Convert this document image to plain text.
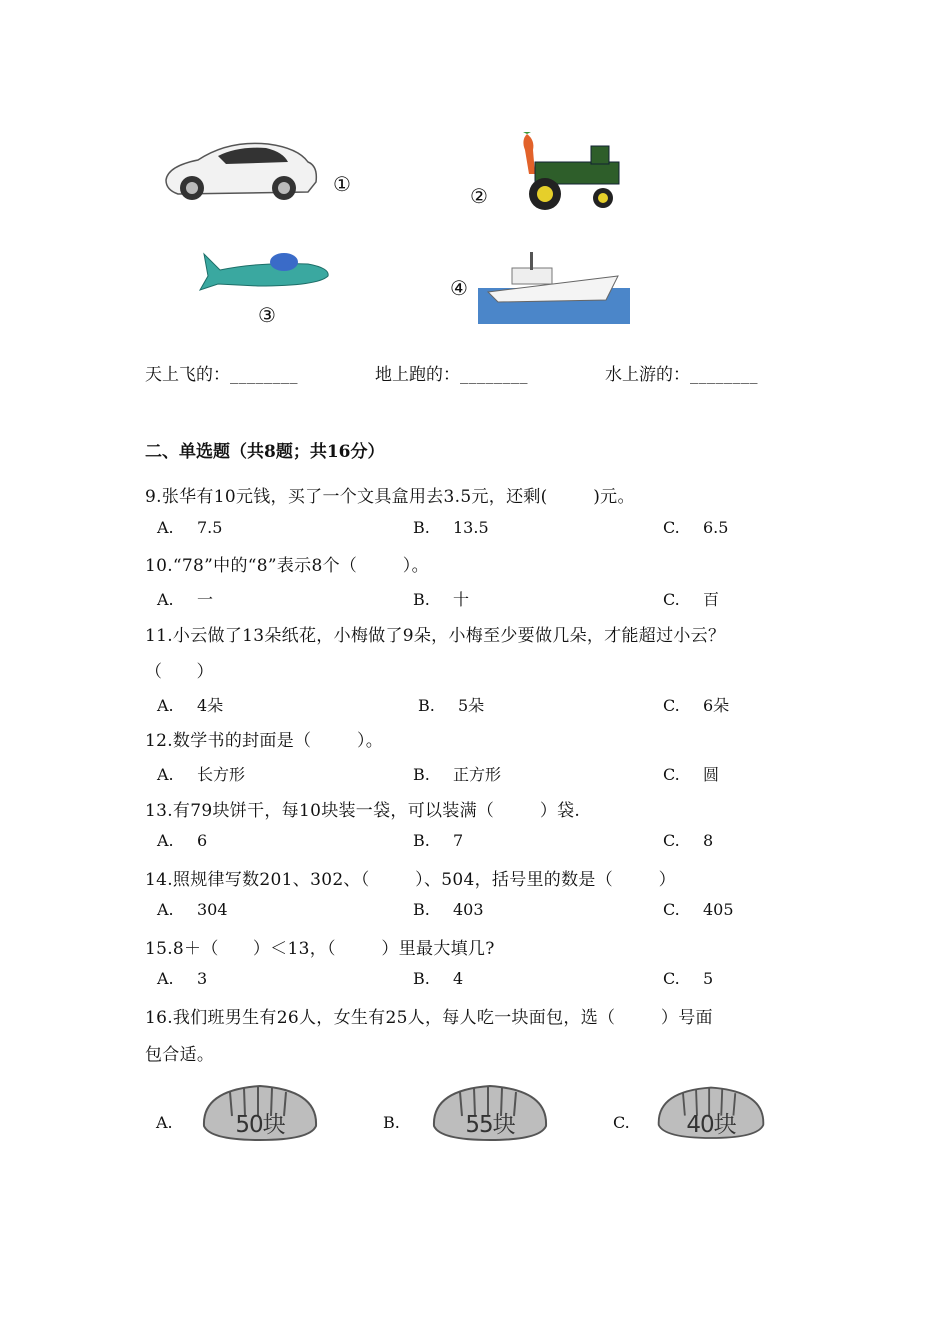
①	②
③
④
天上飞的：________	地上跑的：________	水上游的：________
二、单选题（共8题；共16分）
9.张华有10元钱，买了一个文具盒用去3.5元，还剩(        )元。
A. 7.5	B. 13.5	C. 6.5
10.“78”中的“8”表示8个（        ）。
A. 一	B. 十	C. 百
11.小云做了13朵纸花，小梅做了9朵，小梅至少要做几朵，才能超过小云？
（      ）
A. 4朵	B. 5朵	C. 6朵
12.数学书的封面是（        ）。
A. 长方形	B. 正方形	C. 圆
13.有79块饼干，每10块装一袋，可以装满（        ）袋.
A. 6	B. 7	C. 8
14.照规律写数201、302、（        ）、504，括号里的数是（        ）
A. 304	B. 403	C. 405
15.8＋（      ）＜13，（        ）里最大填几?
A. 3	B. 4	C. 5
16.我们班男生有26人，女生有25人，每人吃一块面包，选（        ）号面
包合适。
A.	50块	B.	55块	C.	40块
